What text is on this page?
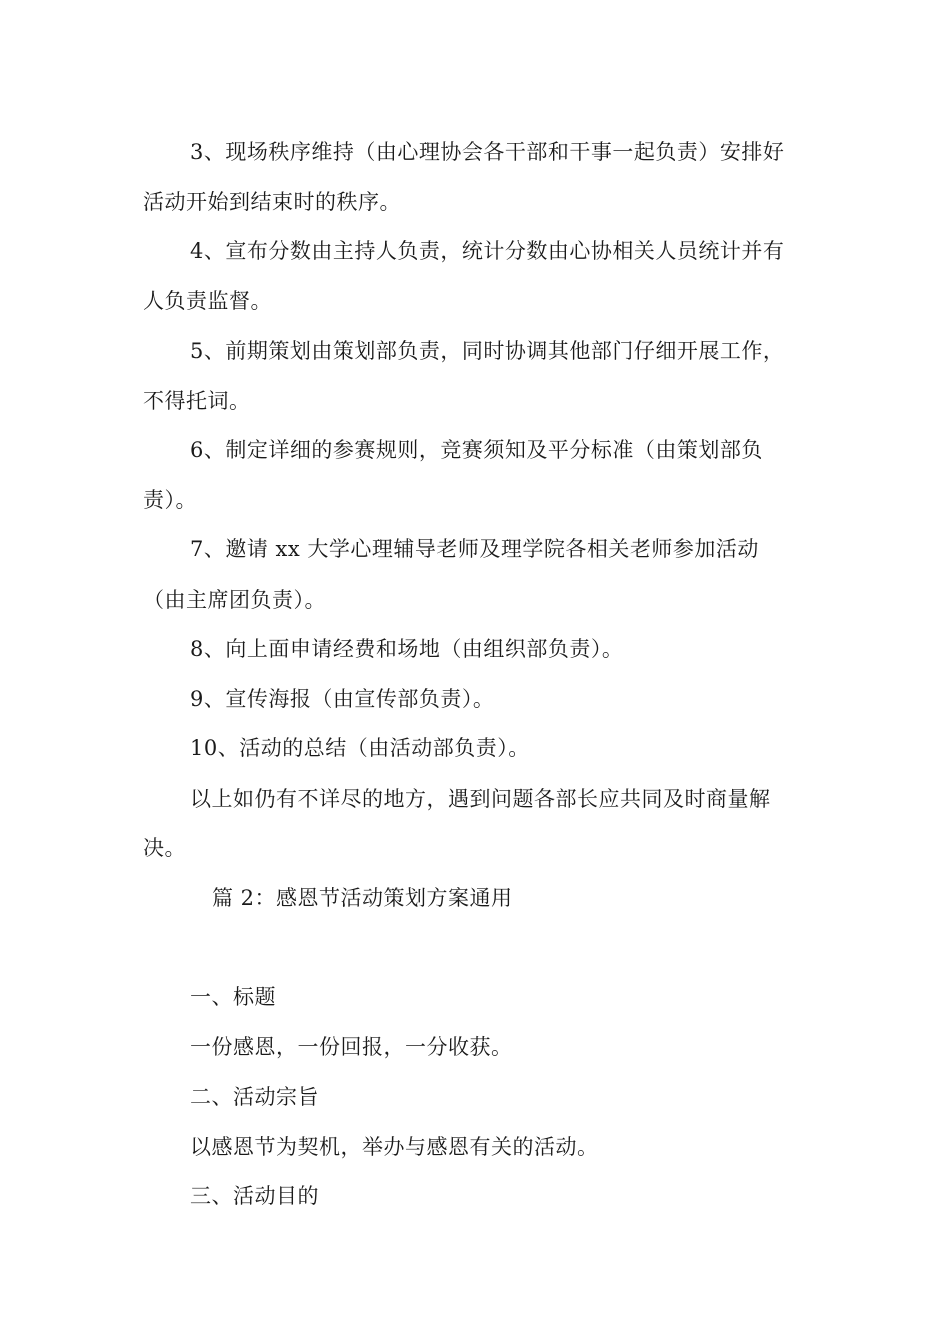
3、现场秩序维持（由心理协会各干部和干事一起负责）安排好
活动开始到结束时的秩序。
4、宣布分数由主持人负责，统计分数由心协相关人员统计并有
人负责监督。
5、前期策划由策划部负责，同时协调其他部门仔细开展工作，
不得托词。
6、制定详细的参赛规则，竞赛须知及平分标准（由策划部负
责）。
7、邀请 xx 大学心理辅导老师及理学院各相关老师参加活动
（由主席团负责）。
8、向上面申请经费和场地（由组织部负责）。
9、宣传海报（由宣传部负责）。
10、活动的总结（由活动部负责）。
以上如仍有不详尽的地方，遇到问题各部长应共同及时商量解
决。
篇 2：感恩节活动策划方案通用
一、标题
一份感恩，一份回报，一分收获。
二、活动宗旨
以感恩节为契机，举办与感恩有关的活动。
三、活动目的
